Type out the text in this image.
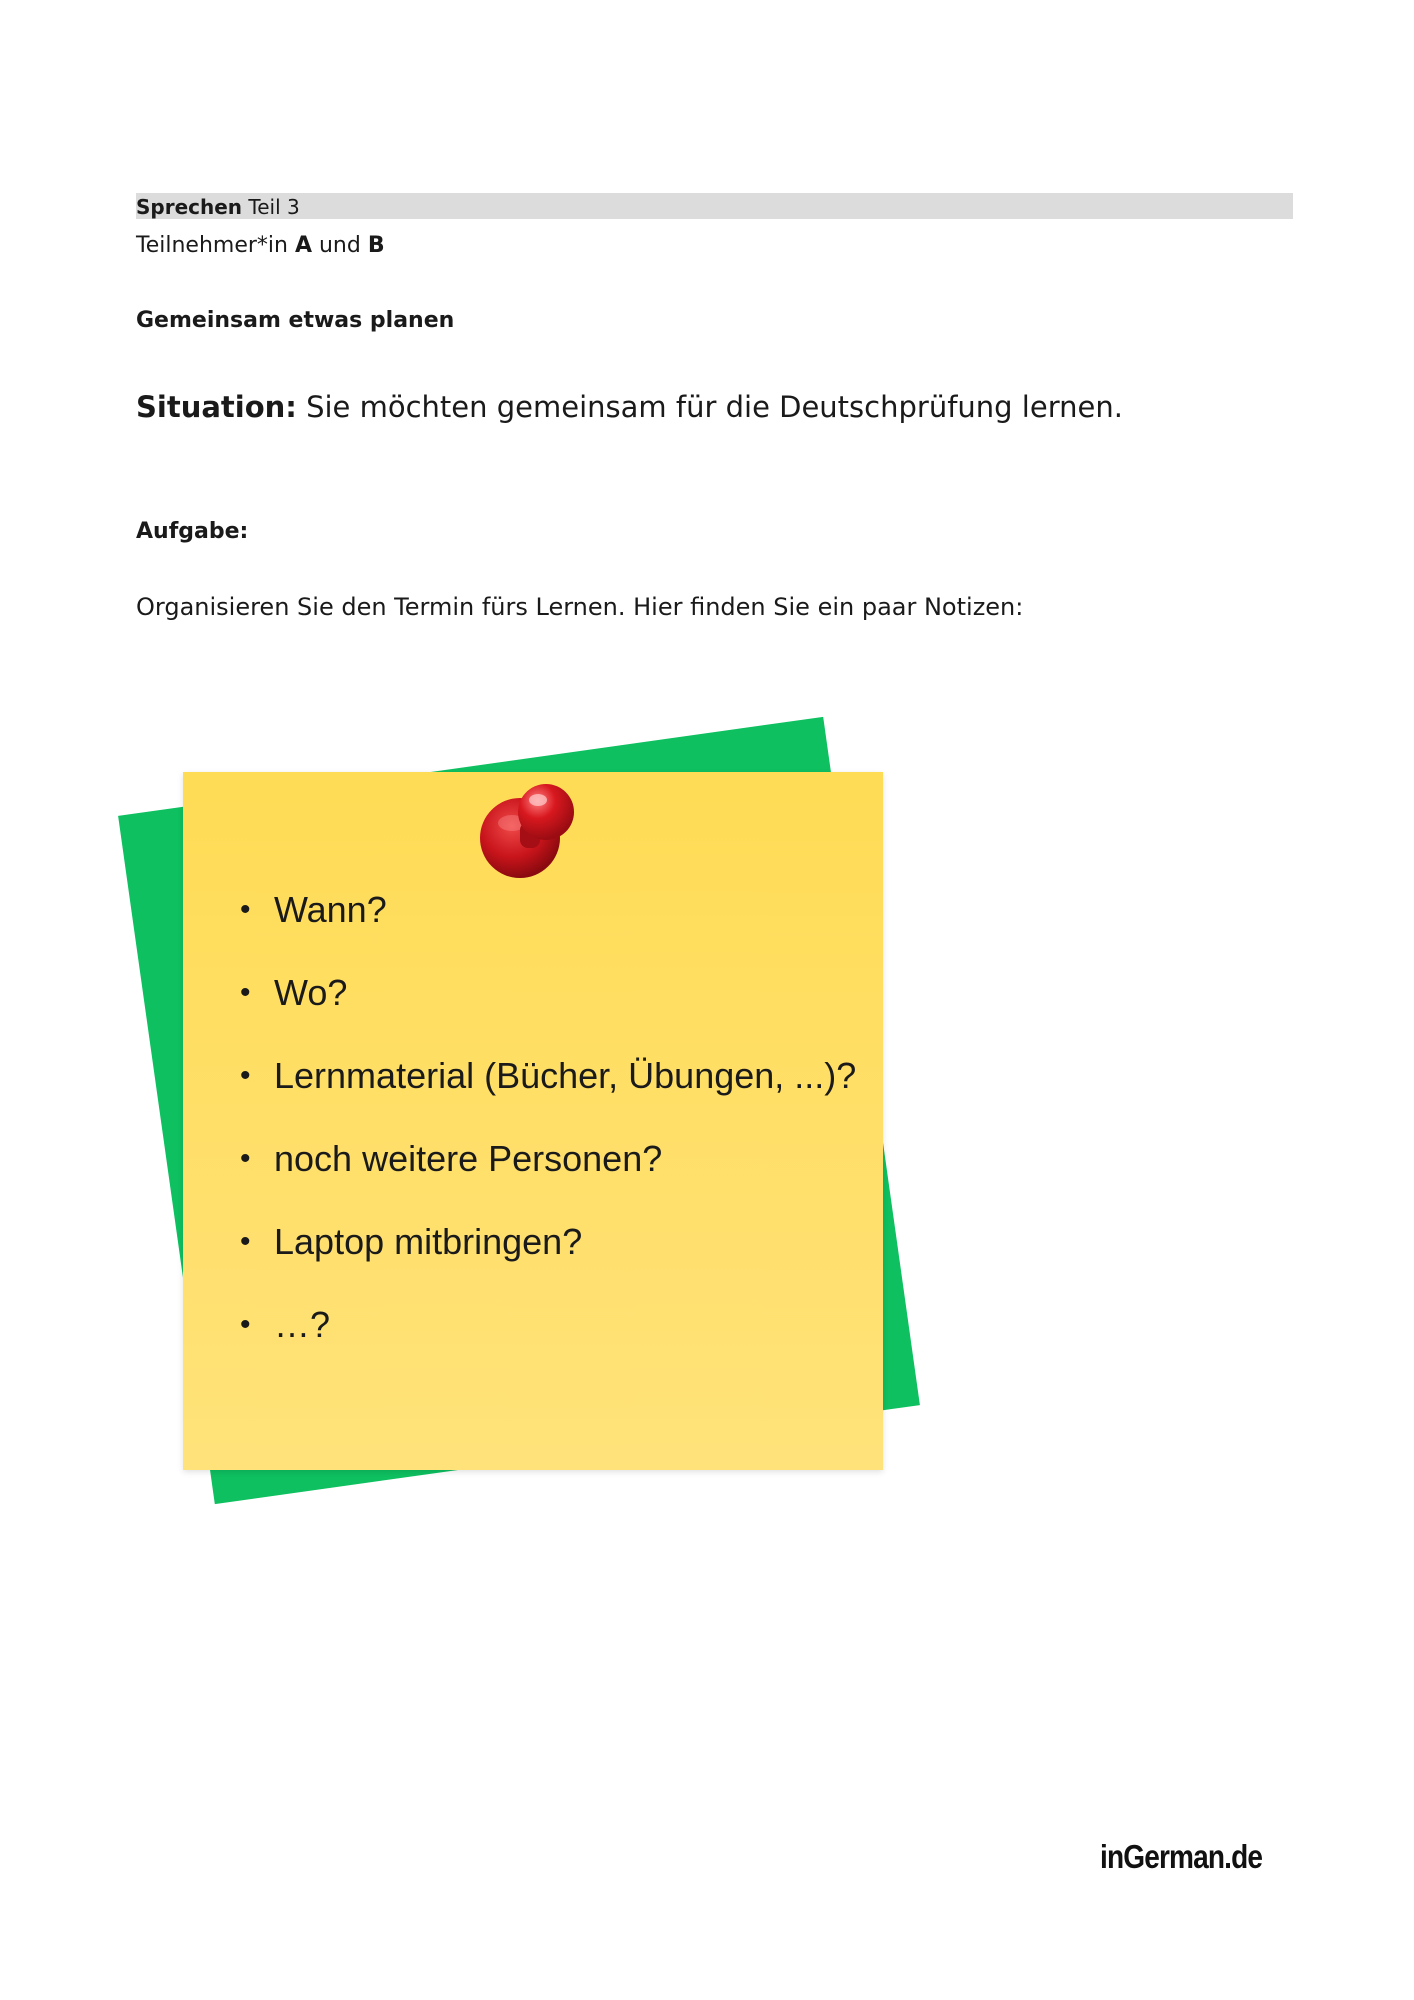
Sprechen Teil 3
Teilnehmer*in A und B
Gemeinsam etwas planen
Situation: Sie möchten gemeinsam für die Deutschprüfung lernen.
Aufgabe:
Organisieren Sie den Termin fürs Lernen. Hier finden Sie ein paar Notizen:
• Wann?
• Wo?
• Lernmaterial (Bücher, Übungen, ...)?
• noch weitere Personen?
• Laptop mitbringen?
• …?
inGerman.de
